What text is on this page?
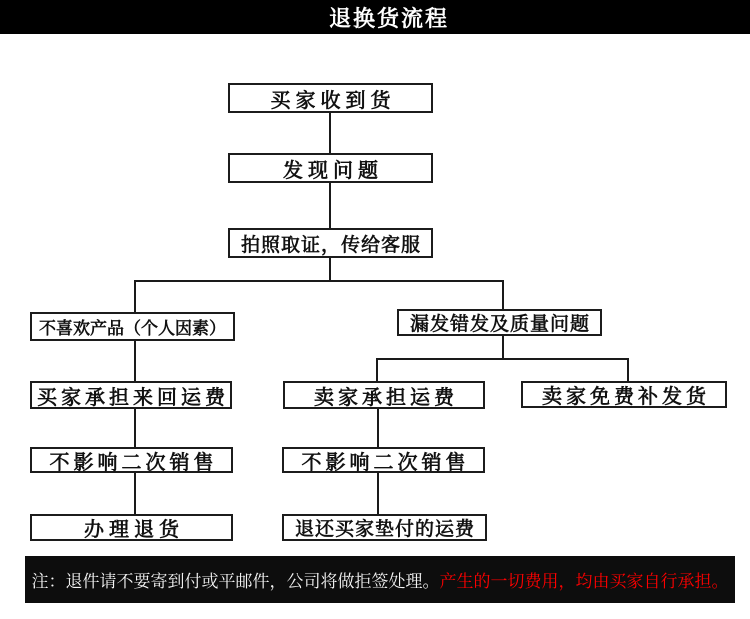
退换货流程
买家收到货
发现问题
拍照取证，传给客服
不喜欢产品（个人因素）
买家承担来回运费
不影响二次销售
办理退货
漏发错发及质量问题
卖家承担运费	卖家免费补发货
不影响二次销售
退还买家垫付的运费
注：退件请不要寄到付或平邮件，公司将做拒签处理。 产生的一切费用，均由买家自行承担。
